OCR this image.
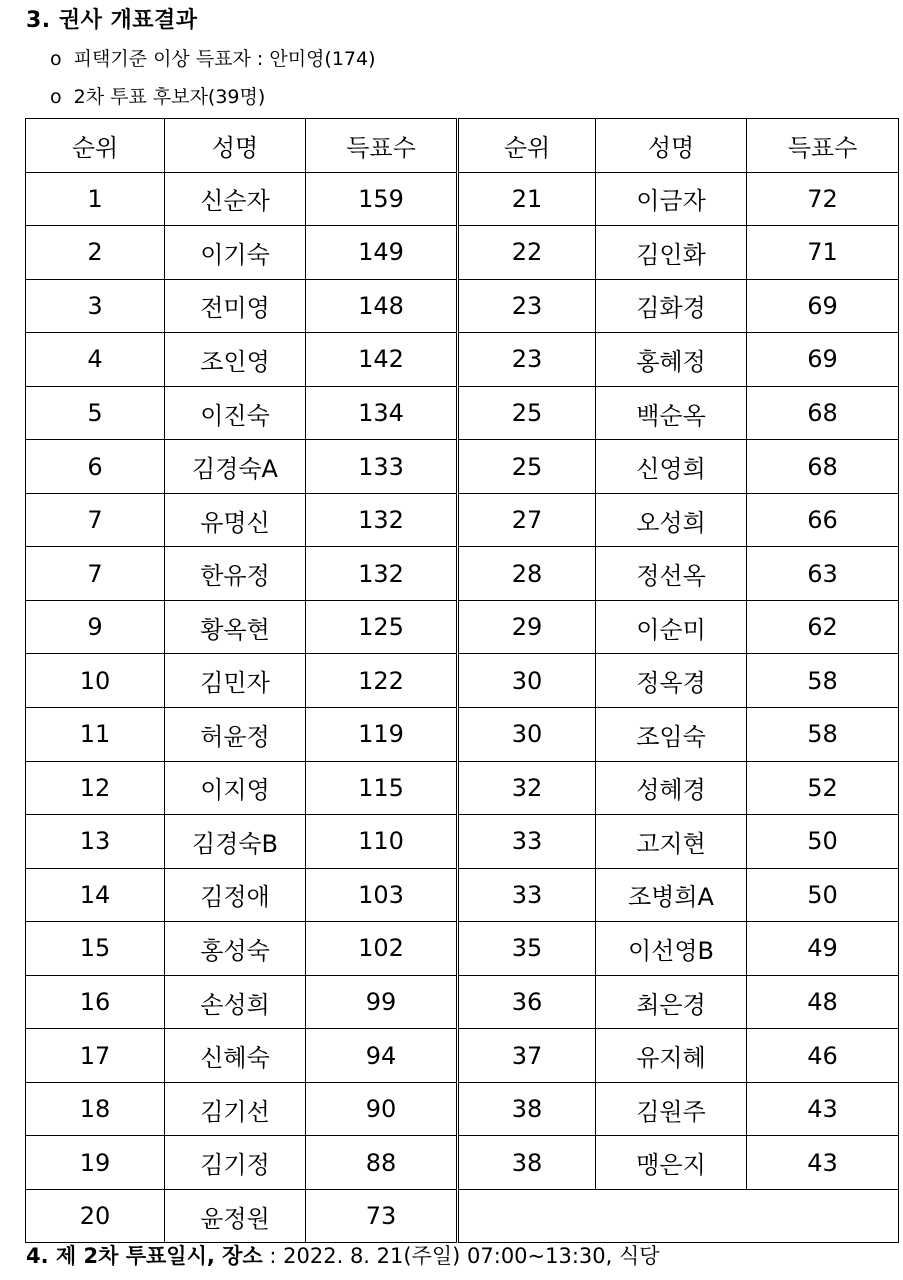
3. 권사 개표결과
o 피택기준 이상 득표자 : 안미영(174)
o 2차 투표 후보자(39명)
순위	성명	득표수
1	신순자	159
2	이기숙	149
3	전미영	148
4	조인영	142
5	이진숙	134
6	김경숙A	133
7	유명신	132
7	한유정	132
9	황옥현	125
10	김민자	122
11	허윤정	119
12	이지영	115
13	김경숙B	110
14	김정애	103
15	홍성숙	102
16	손성희	99
17	신혜숙	94
18	김기선	90
19	김기정	88
20	윤정원	73
순위	성명	득표수
21	이금자	72
22	김인화	71
23	김화경	69
23	홍혜정	69
25	백순옥	68
25	신영희	68
27	오성희	66
28	정선옥	63
29	이순미	62
30	정옥경	58
30	조임숙	58
32	성혜경	52
33	고지현	50
33	조병희A	50
35	이선영B	49
36	최은경	48
37	유지혜	46
38	김원주	43
38	맹은지	43

4. 제 2차 투표일시, 장소 : 2022. 8. 21(주일) 07:00~13:30, 식당
